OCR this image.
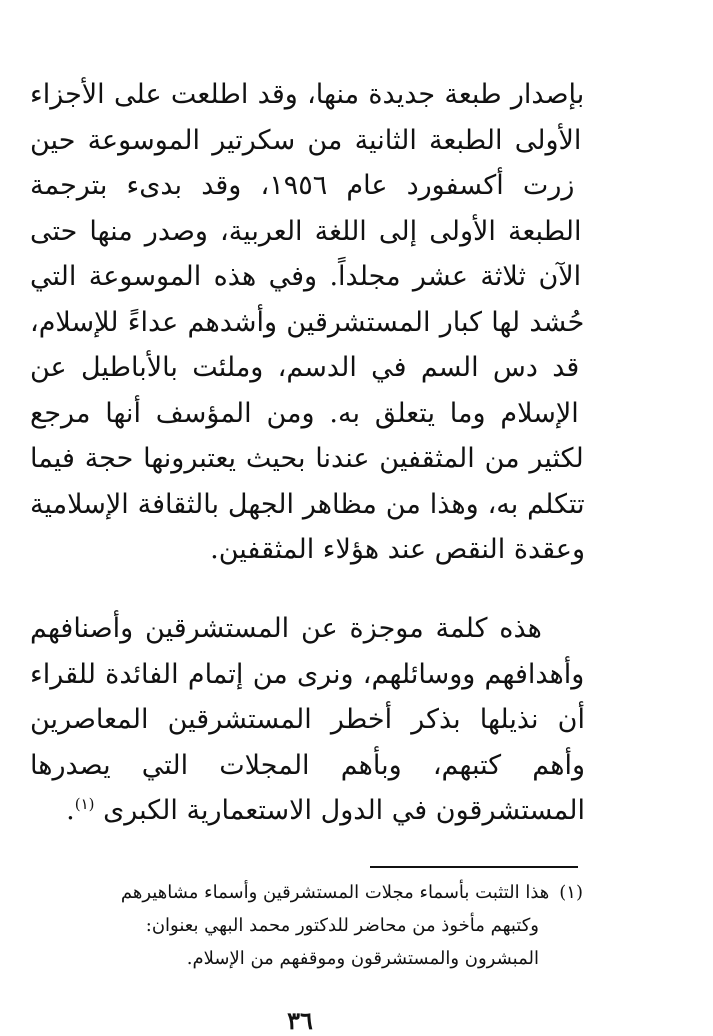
بإصدار طبعة جديدة منها، وقد اطلعت على الأجزاء الأولى الطبعة الثانية من سكرتير الموسوعة حين زرت أكسفورد عام ١٩٥٦، وقد بدىء بترجمة الطبعة الأولى إلى اللغة العربية، وصدر منها حتى الآن ثلاثة عشر مجلداً. وفي هذه الموسوعة التي حُشد لها كبار المستشرقين وأشدهم عداءً للإسلام، قد دس السم في الدسم، وملئت بالأباطيل عن الإسلام وما يتعلق به. ومن المؤسف أنها مرجع لكثير من المثقفين عندنا بحيث يعتبرونها حجة فيما تتكلم به، وهذا من مظاهر الجهل بالثقافة الإسلامية وعقدة النقص عند هؤلاء المثقفين.
هذه كلمة موجزة عن المستشرقين وأصنافهم وأهدافهم ووسائلهم، ونرى من إتمام الفائدة للقراء أن نذيلها بذكر أخطر المستشرقين المعاصرين وأهم كتبهم، وبأهم المجلات التي يصدرها المستشرقون في الدول الاستعمارية الكبرى $^{(١)}$.
(١)هذا التثبت بأسماء مجلات المستشرقين وأسماء مشاهيرهم
وكتبهم مأخوذ من محاضر للدكتور محمد البهي بعنوان:
المبشرون والمستشرقون وموقفهم من الإسلام.
٣٦
